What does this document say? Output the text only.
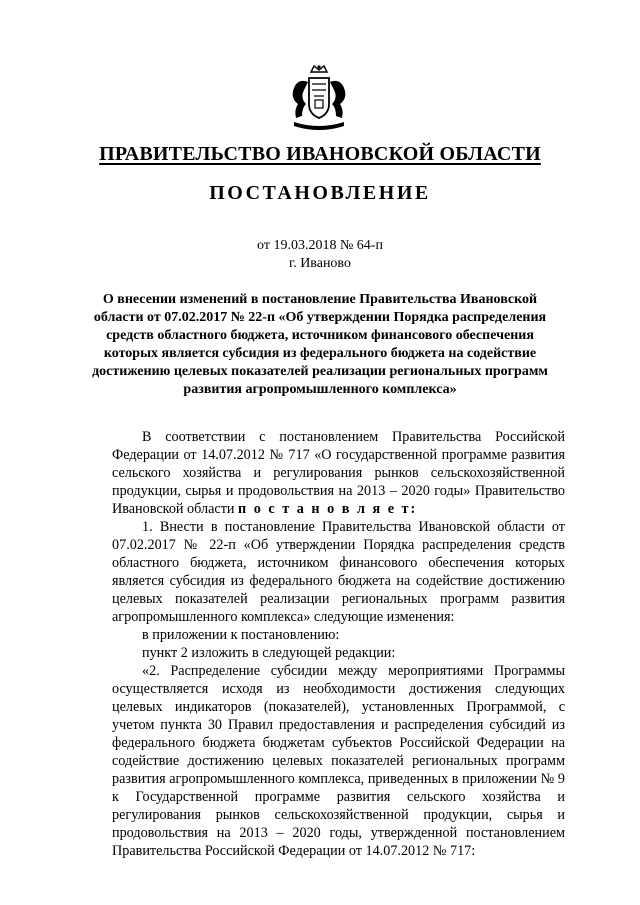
ПРАВИТЕЛЬСТВО ИВАНОВСКОЙ ОБЛАСТИ
ПОСТАНОВЛЕНИЕ
от 19.03.2018 № 64-п
г. Иваново
О внесении изменений в постановление Правительства Ивановской области от 07.02.2017 № 22-п «Об утверждении Порядка распределения средств областного бюджета, источником финансового обеспечения которых является субсидия из федерального бюджета на содействие достижению целевых показателей реализации региональных программ развития агропромышленного комплекса»

В соответствии с постановлением Правительства Российской Федерации от 14.07.2012 № 717 «О государственной программе развития сельского хозяйства и регулирования рынков сельскохозяйственной продукции, сырья и продовольствия на 2013 – 2020 годы» Правительство Ивановской области п о с т а н о в л я е т:

1. Внести в постановление Правительства Ивановской области от 07.02.2017 № 22-п «Об утверждении Порядка распределения средств областного бюджета, источником финансового обеспечения которых является субсидия из федерального бюджета на содействие достижению целевых показателей реализации региональных программ развития агропромышленного комплекса» следующие изменения:

в приложении к постановлению:

пункт 2 изложить в следующей редакции:

«2. Распределение субсидии между мероприятиями Программы осуществляется исходя из необходимости достижения следующих целевых индикаторов (показателей), установленных Программой, с учетом пункта 30 Правил предоставления и распределения субсидий из федерального бюджета бюджетам субъектов Российской Федерации на содействие достижению целевых показателей региональных программ развития агропромышленного комплекса, приведенных в приложении № 9 к Государственной программе развития сельского хозяйства и регулирования рынков сельскохозяйственной продукции, сырья и продовольствия на 2013 – 2020 годы, утвержденной постановлением Правительства Российской Федерации от 14.07.2012 № 717:
